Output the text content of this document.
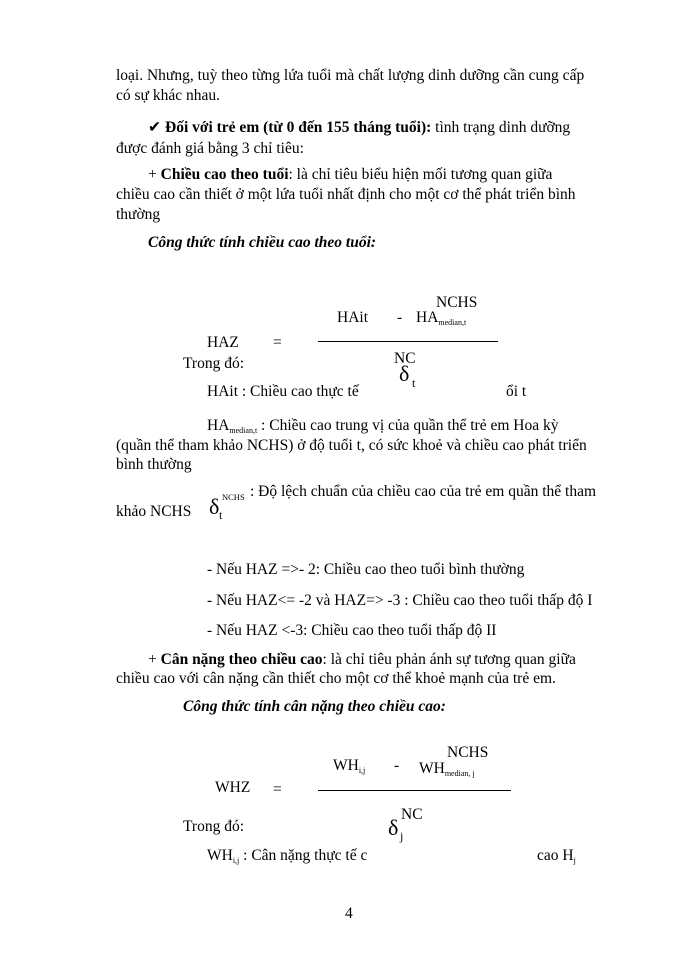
loại. Nhưng, tuỳ theo từng lứa tuổi mà chất lượng dinh dưỡng cần cung cấp
có sự khác nhau.
✔ Đối với trẻ em (từ 0 đến 155 tháng tuổi): tình trạng dinh dưỡng
được đánh giá bằng 3 chỉ tiêu:
+ Chiều cao theo tuổi: là chỉ tiêu biểu hiện mối tương quan giữa
chiều cao cần thiết ở một lứa tuổi nhất định cho một cơ thể phát triển bình
thường
Công thức tính chiều cao theo tuổi:
NCHS
HAit - $HA_{median,t}$
HAZ =
NC
δ t
Trong đó:
HAit : Chiều cao thực tế	ổi t
$HA_{median,t}$ : Chiều cao trung vị của quần thể trẻ em Hoa kỳ
(quần thể tham khảo NCHS) ở độ tuổi t, có sức khoẻ và chiều cao phát triển
bình thường
NCHS : Độ lệch chuẩn của chiều cao của trẻ em quần thể tham
khảo NCHS δ t
- Nếu HAZ =>- 2: Chiều cao theo tuổi bình thường
- Nếu HAZ<= -2 và HAZ=> -3 : Chiều cao theo tuổi thấp độ I
- Nếu HAZ <-3: Chiều cao theo tuổi thấp độ II
+ Cân nặng theo chiều cao: là chỉ tiêu phản ánh sự tương quan giữa
chiều cao với cân nặng cần thiết cho một cơ thể khoẻ mạnh của trẻ em.
Công thức tính cân nặng theo chiều cao:
NCHS
$WH_{i,j} - WH_{median, j}$
WHZ =
NC
δ j
Trong đó:
$WH_{i,j}$ : Cân nặng thực tế c	cao $H_j$
4
